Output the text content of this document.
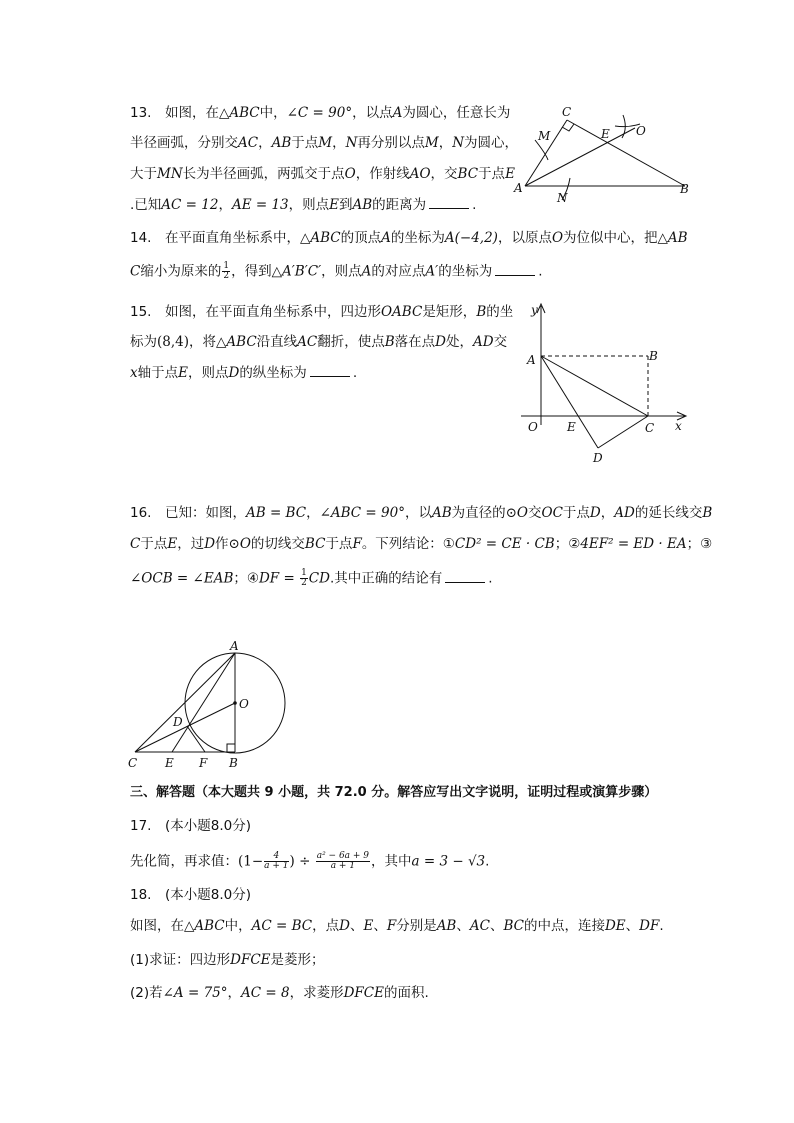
13.　如图，在△ABC中，∠C = 90°，以点A为圆心，任意长为
半径画弧，分别交AC，AB于点M，N再分别以点M，N为圆心，
大于MN长为半径画弧，两弧交于点O，作射线AO，交BC于点E
.已知AC = 12，AE = 13，则点E到AB的距离为	.
C
M	E O
A
N
B
14.　在平面直角坐标系中，△ABC的顶点A的坐标为A(−4,2)，以原点O为位似中心，把△AB
C缩小为原来的 $\frac{1}{2}$ ，得到△A′B′C′，则点A的对应点A′的坐标为	.
15.　如图，在平面直角坐标系中，四边形OABC是矩形，B的坐
标为(8,4)，将△ABC沿直线AC翻折，使点B落在点D处，AD交
x轴于点E，则点D的纵坐标为	.
y
A	B
O E	C x
D
16.　已知：如图，AB = BC，∠ABC = 90°，以AB为直径的⊙O交OC于点D，AD的延长线交B
C于点E，过D作⊙O的切线交BC于点F。下列结论：①CD² = CE · CB；②4EF² = ED · EA；③
∠OCB = ∠EAB；④DF = $\frac{1}{2}$ CD.其中正确的结论有	.
A
O
D
C E F B
三、解答题（本大题共 9 小题，共 72.0 分。解答应写出文字说明，证明过程或演算步骤）
17.　(本小题8.0分)
先化简，再求值：($1- \frac{4}{a + 1}$ ) ÷ $\frac{\text{a² − 6a + 9}}{a + 1}$ ，其中a = 3 − √3.
18.　(本小题8.0分)
如图，在△ABC中，AC = BC，点D、E、F分别是AB、AC、BC的中点，连接DE、DF.
(1)求证：四边形DFCE是菱形；
(2)若∠A = 75°，AC = 8，求菱形DFCE的面积.
